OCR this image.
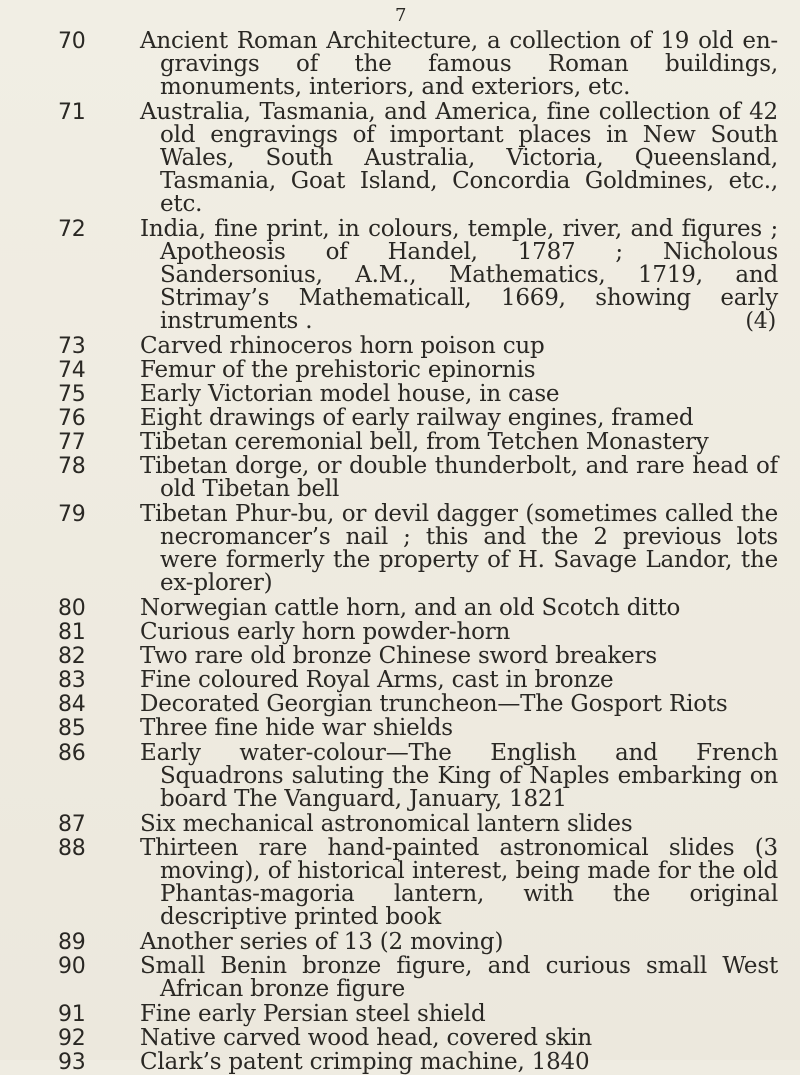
7
70 Ancient Roman Architecture, a collection of 19 old en-gravings of the famous Roman buildings, monuments, interiors, and exteriors, etc.
71 Australia, Tasmania, and America, fine collection of 42 old engravings of important places in New South Wales, South Australia, Victoria, Queensland, Tasmania, Goat Island, Concordia Goldmines, etc., etc.
72 India, fine print, in colours, temple, river, and figures ; Apotheosis of Handel, 1787 ; Nicholous Sandersonius, A.M., Mathematics, 1719, and Strimay’s Mathematicall, 1669, showing early instruments .	(4)
73 Carved rhinoceros horn poison cup
74 Femur of the prehistoric epinornis
75 Early Victorian model house, in case
76 Eight drawings of early railway engines, framed
77 Tibetan ceremonial bell, from Tetchen Monastery
78 Tibetan dorge, or double thunderbolt, and rare head of old Tibetan bell
79 Tibetan Phur-bu, or devil dagger (sometimes called the necromancer’s nail ; this and the 2 previous lots were formerly the property of H. Savage Landor, the ex-plorer)
80 Norwegian cattle horn, and an old Scotch ditto
81 Curious early horn powder-horn
82 Two rare old bronze Chinese sword breakers
83 Fine coloured Royal Arms, cast in bronze
84 Decorated Georgian truncheon—The Gosport Riots
85 Three fine hide war shields
86 Early water-colour—The English and French Squadrons saluting the King of Naples embarking on board The Vanguard, January, 1821
87 Six mechanical astronomical lantern slides
88 Thirteen rare hand-painted astronomical slides (3 moving), of historical interest, being made for the old Phantas-magoria lantern, with the original descriptive printed book
89 Another series of 13 (2 moving)
90 Small Benin bronze figure, and curious small West African bronze figure
91 Fine early Persian steel shield
92 Native carved wood head, covered skin
93 Clark’s patent crimping machine, 1840
